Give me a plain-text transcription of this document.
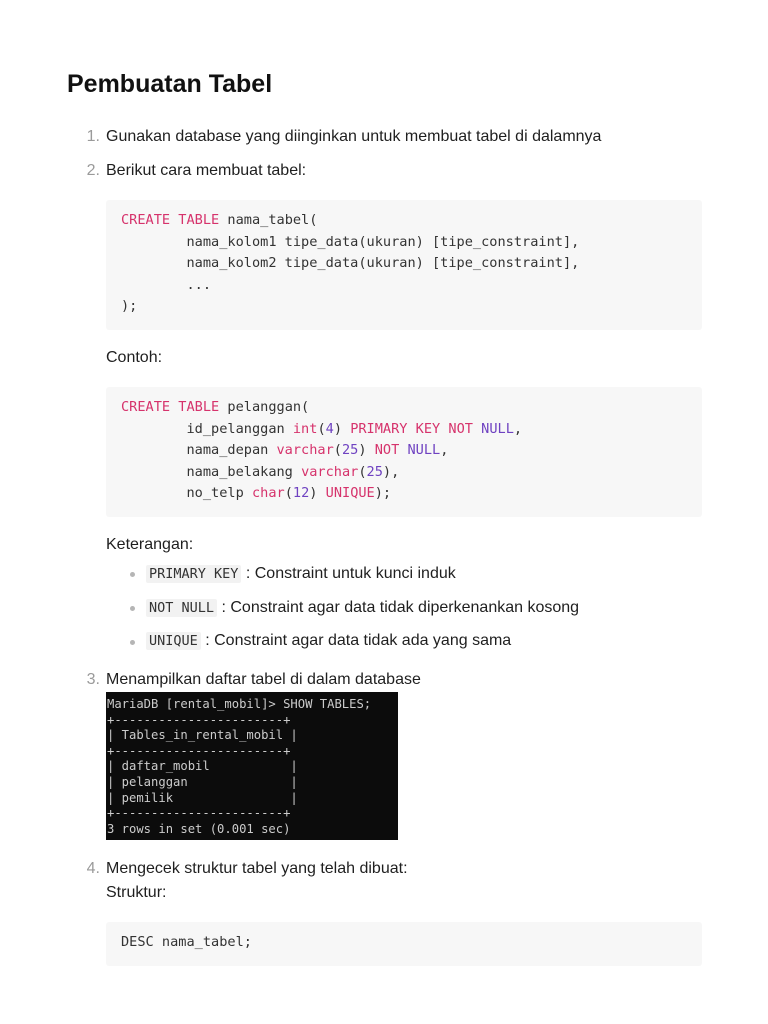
Pembuatan Tabel
1. Gunakan database yang diinginkan untuk membuat tabel di dalamnya
2. Berikut cara membuat tabel:
CREATE TABLE nama_tabel(
nama_kolom1 tipe_data(ukuran) [tipe_constraint],
nama_kolom2 tipe_data(ukuran) [tipe_constraint],
...
);
Contoh:
CREATE TABLE pelanggan(
id_pelanggan int(4) PRIMARY KEY NOT NULL,
nama_depan varchar(25) NOT NULL,
nama_belakang varchar(25),
no_telp char(12) UNIQUE);
Keterangan:
PRIMARY KEY : Constraint untuk kunci induk
NOT NULL : Constraint agar data tidak diperkenankan kosong
UNIQUE : Constraint agar data tidak ada yang sama
3. Menampilkan daftar tabel di dalam database
MariaDB [rental_mobil]> SHOW TABLES;
+-----------------------+
| Tables_in_rental_mobil |
+-----------------------+
| daftar_mobil           |
| pelanggan              |
| pemilik                |
+-----------------------+
3 rows in set (0.001 sec)
4. Mengecek struktur tabel yang telah dibuat:
Struktur:
DESC nama_tabel;
